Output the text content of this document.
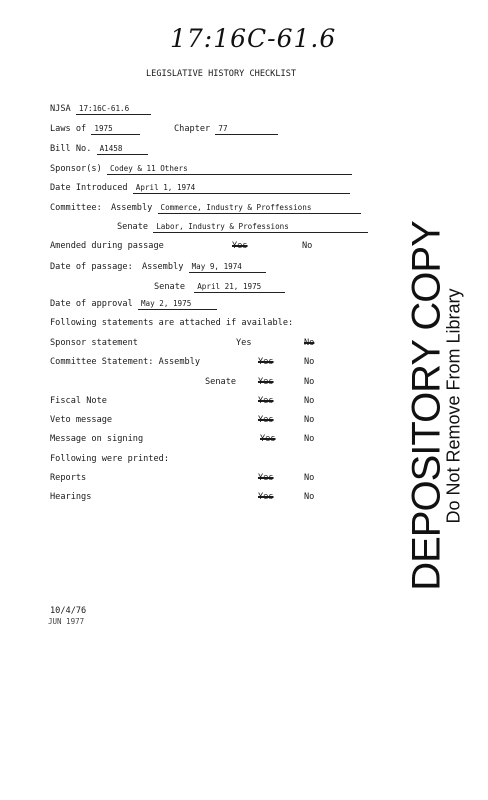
17:16C-61.6
LEGISLATIVE HISTORY CHECKLIST
NJSA 17:16C-61.6
Laws of 1975	Chapter 77
Bill No. A1458
Sponsor(s) Codey & 11 Others
Date Introduced April 1, 1974
Committee: Assembly Commerce, Industry & Proffessions
Senate Labor, Industry & Professions
Amended during passage	Yes	No
Date of passage: Assembly May 9, 1974
Senate April 21, 1975
Date of approval May 2, 1975
Following statements are attached if available:
Sponsor statement	Yes	No
Committee Statement: Assembly	Yes	No
Senate	Yes	No
Fiscal Note	Yes	No
Veto message	Yes	No
Message on signing	Yes	No
Following were printed:
Reports	Yes	No
Hearings	Yes	No DEPOSITORY COPY
Do Not Remove From Library
10/4/76
JUN 1977
